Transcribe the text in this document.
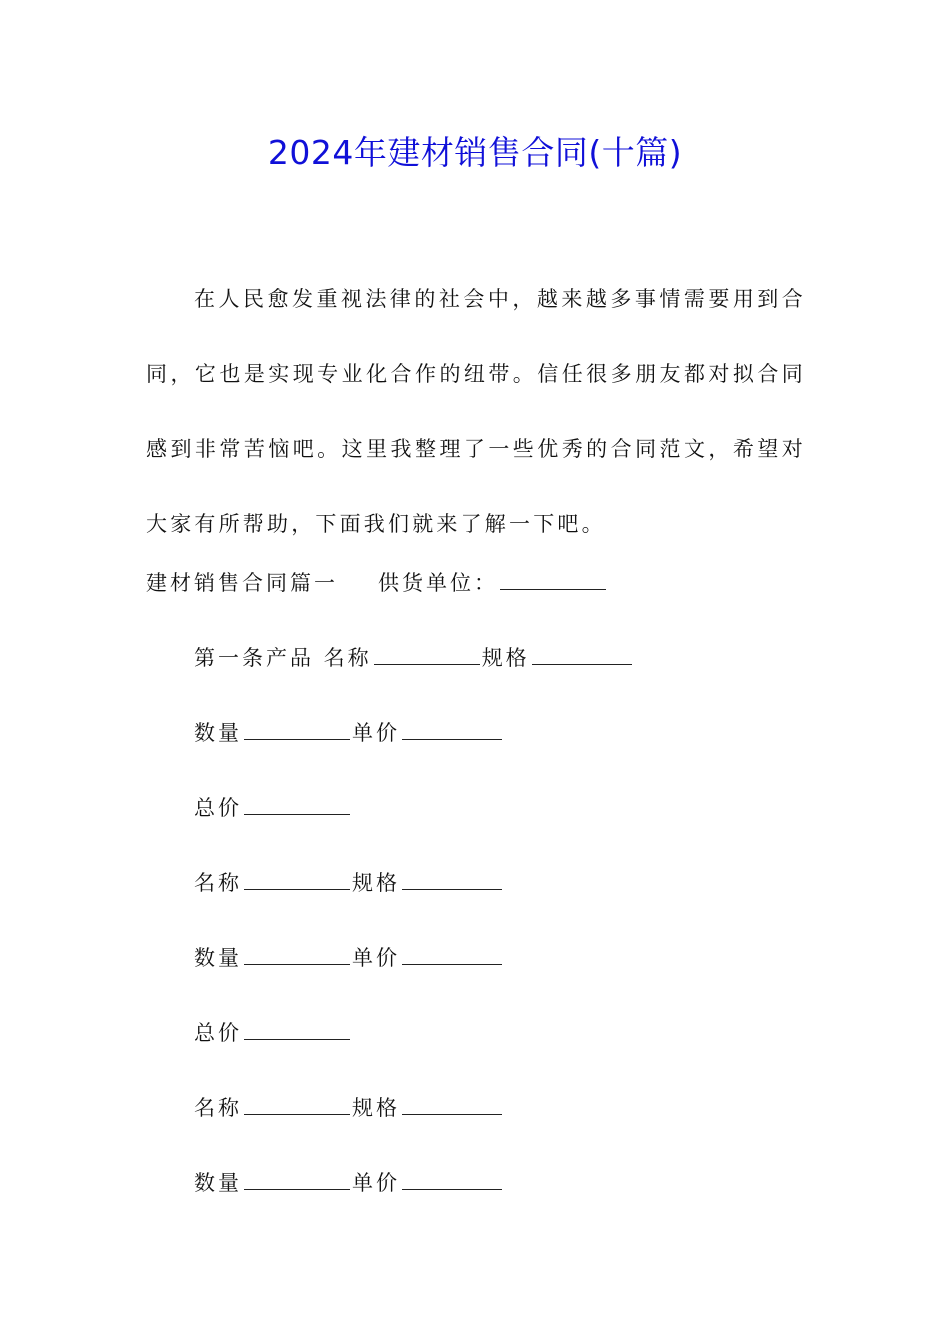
2024年建材销售合同(十篇)

在人民愈发重视法律的社会中，越来越多事情需要用到合同，它也是实现专业化合作的纽带。信任很多朋友都对拟合同感到非常苦恼吧。这里我整理了一些优秀的合同范文，希望对大家有所帮助，下面我们就来了解一下吧。

建材销售合同篇一 供货单位：
第一条产品 名称	规格
数量	单价
总价
名称	规格
数量	单价
总价
名称	规格
数量	单价
